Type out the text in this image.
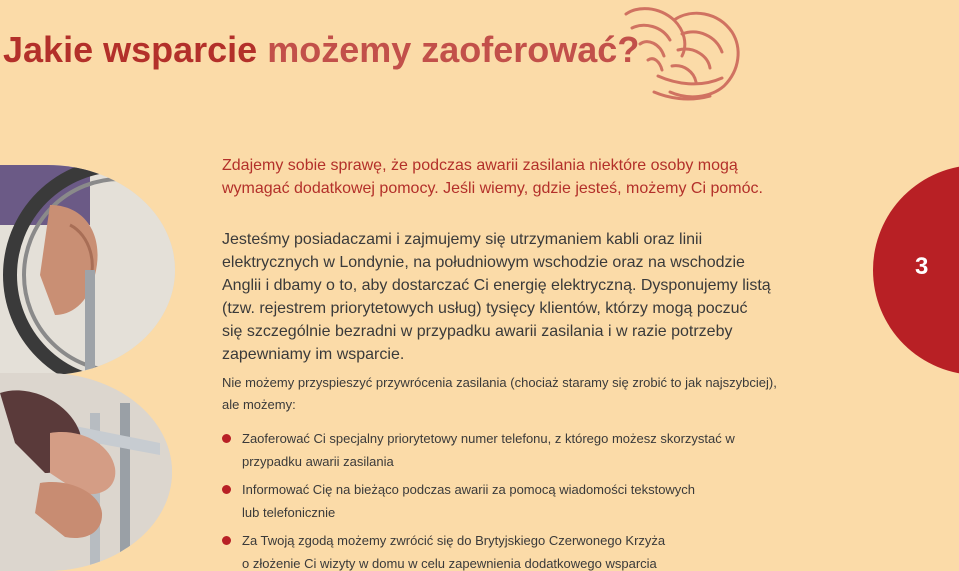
Jakie wsparcie możemy zaoferować?
3
Zdajemy sobie sprawę, że podczas awarii zasilania niektóre osoby mogą
wymagać dodatkowej pomocy. Jeśli wiemy, gdzie jesteś, możemy Ci pomóc.
Jesteśmy posiadaczami i zajmujemy się utrzymaniem kabli oraz linii
elektrycznych w Londynie, na południowym wschodzie oraz na wschodzie
Anglii i dbamy o to, aby dostarczać Ci energię elektryczną. Dysponujemy listą
(tzw. rejestrem priorytetowych usług) tysięcy klientów, którzy mogą poczuć
się szczególnie bezradni w przypadku awarii zasilania i w razie potrzeby
zapewniamy im wsparcie.
Nie możemy przyspieszyć przywrócenia zasilania (chociaż staramy się zrobić to jak najszybciej),
ale możemy:
Zaoferować Ci specjalny priorytetowy numer telefonu, z którego możesz skorzystać w
przypadku awarii zasilania
Informować Cię na bieżąco podczas awarii za pomocą wiadomości tekstowych
lub telefonicznie
Za Twoją zgodą możemy zwrócić się do Brytyjskiego Czerwonego Krzyża
o złożenie Ci wizyty w domu w celu zapewnienia dodatkowego wsparcia
